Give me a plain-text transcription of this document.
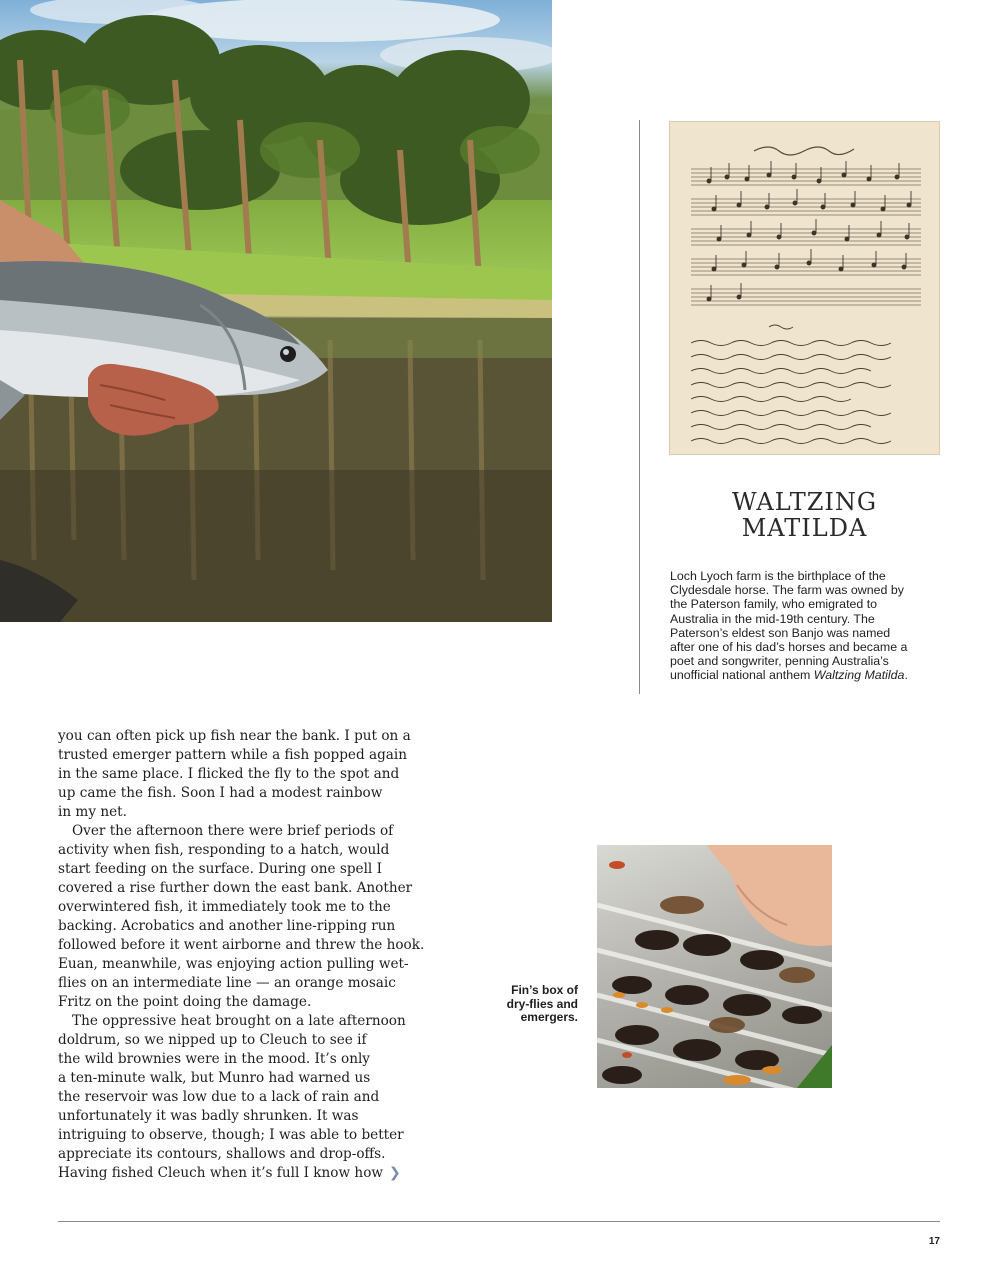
WALTZING
MATILDA
Loch Lyoch farm is the birthplace of the Clydesdale horse. The farm was owned by the Paterson family, who emigrated to Australia in the mid-19th century. The Paterson’s eldest son Banjo was named after one of his dad’s horses and became a poet and songwriter, penning Australia’s unofficial national anthem Waltzing Matilda.

you can often pick up fish near the bank. I put on a

trusted emerger pattern while a fish popped again

in the same place. I flicked the fly to the spot and

up came the fish. Soon I had a modest rainbow

in my net.

Over the afternoon there were brief periods of

activity when fish, responding to a hatch, would

start feeding on the surface. During one spell I

covered a rise further down the east bank. Another

overwintered fish, it immediately took me to the

backing. Acrobatics and another line-ripping run

followed before it went airborne and threw the hook.

Euan, meanwhile, was enjoying action pulling wet-

flies on an intermediate line — an orange mosaic

Fritz on the point doing the damage.

The oppressive heat brought on a late afternoon

doldrum, so we nipped up to Cleuch to see if

the wild brownies were in the mood. It’s only

a ten-minute walk, but Munro had warned us

the reservoir was low due to a lack of rain and

unfortunately it was badly shrunken. It was

intriguing to observe, though; I was able to better

appreciate its contours, shallows and drop-offs.

Having fished Cleuch when it’s full I know how ❯

Fin’s box of
dry-flies and
emergers.
17
